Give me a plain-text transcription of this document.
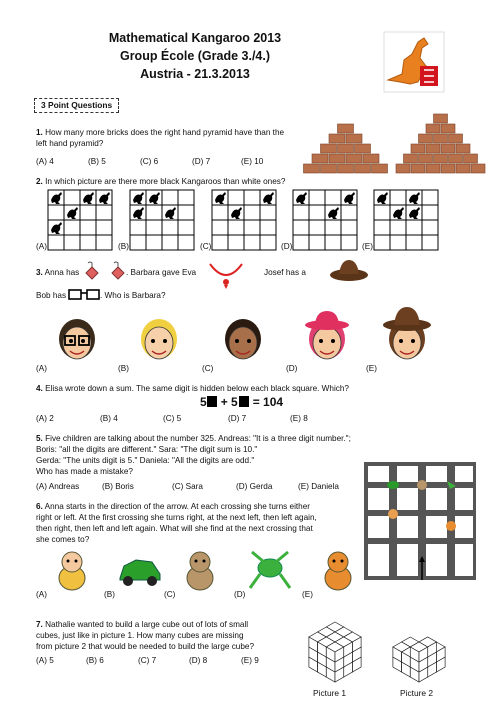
Mathematical Kangaroo 2013
Group École (Grade 3./4.)
Austria - 21.3.2013
3 Point Questions
1. How many more bricks does the right hand pyramid have than the left hand pyramid?
(A) 4	(B) 5	(C) 6	(D) 7	(E) 10
2. In which picture are there more black Kangaroos than white ones?
3. Anna has	. Barbara gave Eva	Josef has a
Bob has	. Who is Barbara?
4. Elisa wrote down a sum. The same digit is hidden below each black square. Which?
5 + 5 = 104
(A) 2	(B) 4	(C) 5	(D) 7	(E) 8
5. Five children are talking about the number 325. Andreas: "It is a three digit number.";
Boris: "all the digits are different." Sara: "The digit sum is 10."
Gerda: "The units digit is 5." Daniela: "All the digits are odd."
Who has made a mistake?
(A) Andreas	(B) Boris	(C) Sara	(D) Gerda	(E) Daniela
6. Anna starts in the direction of the arrow. At each crossing she turns either
right or left. At the first crossing she turns right, at the next left, then left again,
then right, then left and left again. What will she find at the next crossing that
she comes to?
7. Nathalie wanted to build a large cube out of lots of small
cubes, just like in picture 1. How many cubes are missing
from picture 2 that would be needed to build the large cube?
(A) 5	(B) 6	(C) 7	(D) 8	(E) 9
Picture 1	Picture 2
(A)	(B)	(C)	(D)	(E)
(A)	(B)	(C)	(D)	(E)
(A)	(B)	(C)	(D)	(E)
